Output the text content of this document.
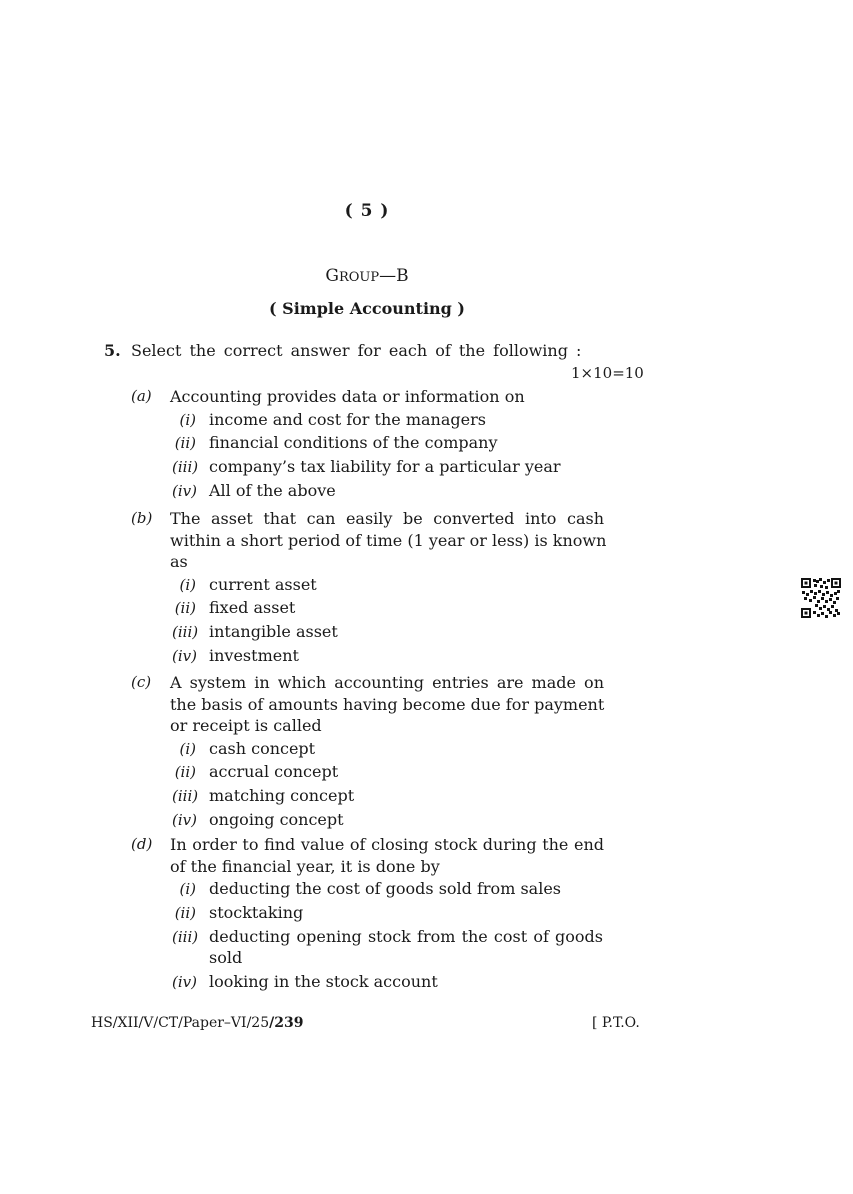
( 5 )
GROUP—B
( Simple Accounting )
5. Select the correct answer for each of the following :
1×10=10
(a) Accounting provides data or information on
(i) income and cost for the managers
(ii) financial conditions of the company
(iii) company’s tax liability for a particular year
(iv) All of the above
(b) The asset that can easily be converted into cash
within a short period of time (1 year or less) is known
as
(i) current asset
(ii) fixed asset
(iii) intangible asset
(iv) investment
(c) A system in which accounting entries are made on
the basis of amounts having become due for payment
or receipt is called
(i) cash concept
(ii) accrual concept
(iii) matching concept
(iv) ongoing concept
(d) In order to find value of closing stock during the end
of the financial year, it is done by
(i) deducting the cost of goods sold from sales
(ii) stocktaking
(iii) deducting opening stock from the cost of goods
sold
(iv) looking in the stock account
HS/XII/V/CT/Paper–VI/25/239	[ P.T.O.
